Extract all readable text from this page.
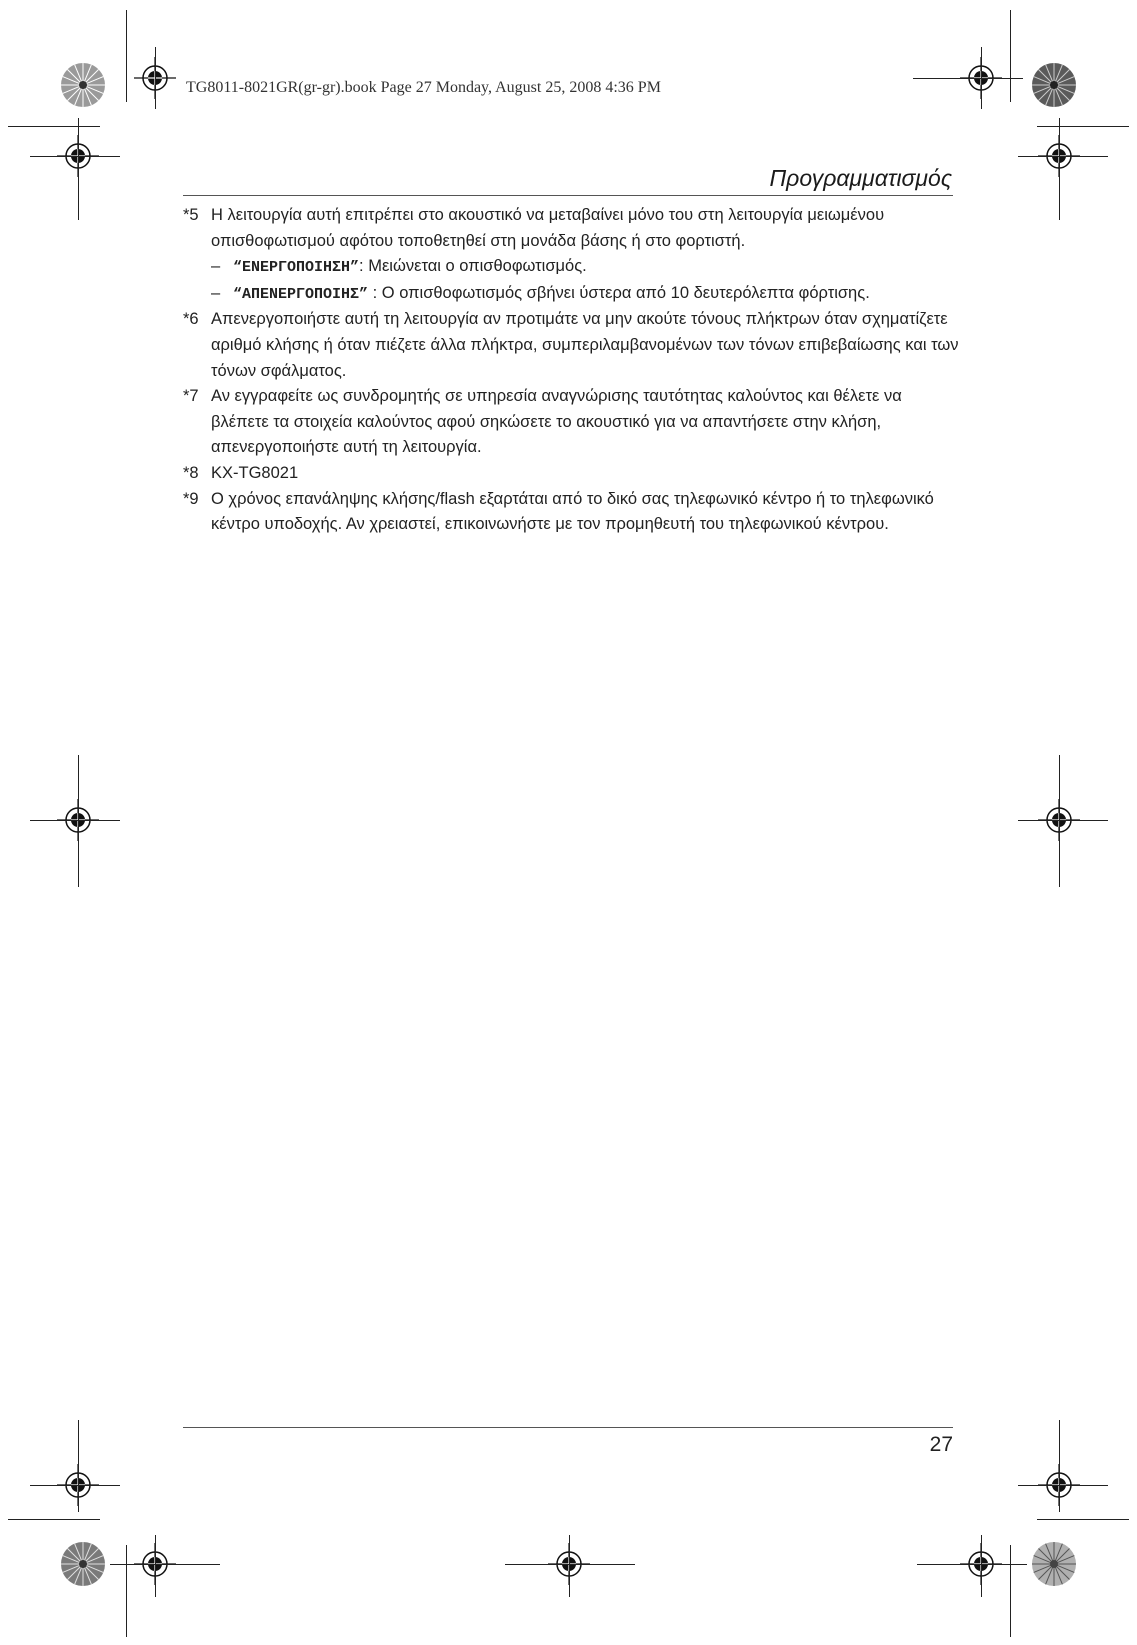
TG8011-8021GR(gr-gr).book Page 27 Monday, August 25, 2008 4:36 PM
Προγραμματισμός
*5 Η λειτουργία αυτή επιτρέπει στο ακουστικό να μεταβαίνει μόνο του στη λειτουργία μειωμένου οπισθοφωτισμού αφότου τοποθετηθεί στη μονάδα βάσης ή στο φορτιστή.
– “ΕΝΕΡΓΟΠΟΙΗΣΗ”: Μειώνεται ο οπισθοφωτισμός.
– “ΑΠΕΝΕΡΓΟΠΟΙΗΣ” : Ο οπισθοφωτισμός σβήνει ύστερα από 10 δευτερόλεπτα φόρτισης.
*6 Απενεργοποιήστε αυτή τη λειτουργία αν προτιμάτε να μην ακούτε τόνους πλήκτρων όταν σχηματίζετε αριθμό κλήσης ή όταν πιέζετε άλλα πλήκτρα, συμπεριλαμβανομένων των τόνων επιβεβαίωσης και των τόνων σφάλματος.
*7 Αν εγγραφείτε ως συνδρομητής σε υπηρεσία αναγνώρισης ταυτότητας καλούντος και θέλετε να βλέπετε τα στοιχεία καλούντος αφού σηκώσετε το ακουστικό για να απαντήσετε στην κλήση, απενεργοποιήστε αυτή τη λειτουργία.
*8 KX-TG8021
*9 Ο χρόνος επανάληψης κλήσης/flash εξαρτάται από το δικό σας τηλεφωνικό κέντρο ή το τηλεφωνικό κέντρο υποδοχής. Αν χρειαστεί, επικοινωνήστε με τον προμηθευτή του τηλεφωνικού κέντρου.
27
